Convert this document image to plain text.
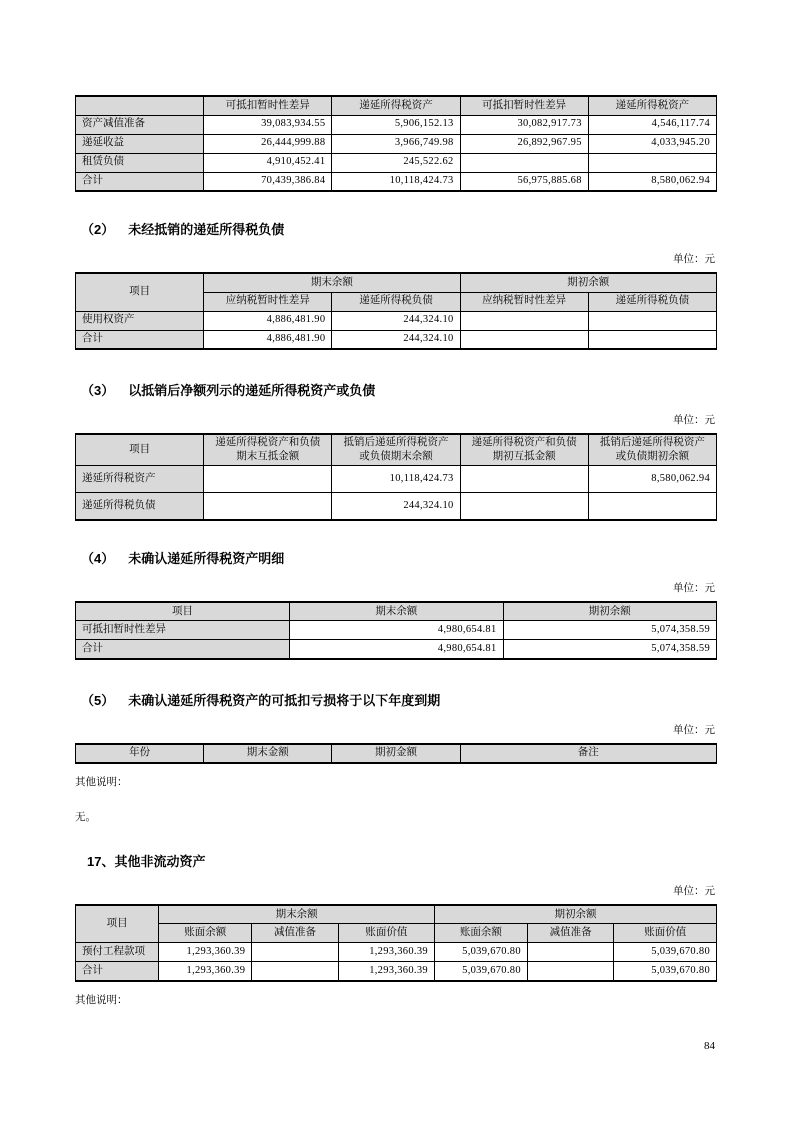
	可抵扣暂时性差异	递延所得税资产	可抵扣暂时性差异	递延所得税资产
资产减值准备	39,083,934.55	5,906,152.13	30,082,917.73	4,546,117.74
递延收益	26,444,999.88	3,966,749.98	26,892,967.95	4,033,945.20
租赁负债	4,910,452.41	245,522.62		
合计	70,439,386.84	10,118,424.73	56,975,885.68	8,580,062.94
（2） 未经抵销的递延所得税负债
单位：元
项目	期末余额		期初余额	
	应纳税暂时性差异	递延所得税负债	应纳税暂时性差异	递延所得税负债
使用权资产	4,886,481.90	244,324.10		
合计	4,886,481.90	244,324.10		
（3） 以抵销后净额列示的递延所得税资产或负债
单位：元
项目	递延所得税资产和负债期末互抵金额	抵销后递延所得税资产或负债期末余额	递延所得税资产和负债期初互抵金额	抵销后递延所得税资产或负债期初余额
递延所得税资产		10,118,424.73		8,580,062.94
递延所得税负债		244,324.10		
（4） 未确认递延所得税资产明细
单位：元
项目	期末余额	期初余额
可抵扣暂时性差异	4,980,654.81	5,074,358.59
合计	4,980,654.81	5,074,358.59
（5） 未确认递延所得税资产的可抵扣亏损将于以下年度到期
单位：元
年份	期末金额	期初金额	备注
其他说明：
无。
17、其他非流动资产
单位：元
项目	期末余额			期初余额		
	账面余额	减值准备	账面价值	账面余额	减值准备	账面价值
预付工程款项	1,293,360.39		1,293,360.39	5,039,670.80		5,039,670.80
合计	1,293,360.39		1,293,360.39	5,039,670.80		5,039,670.80
其他说明：
84
